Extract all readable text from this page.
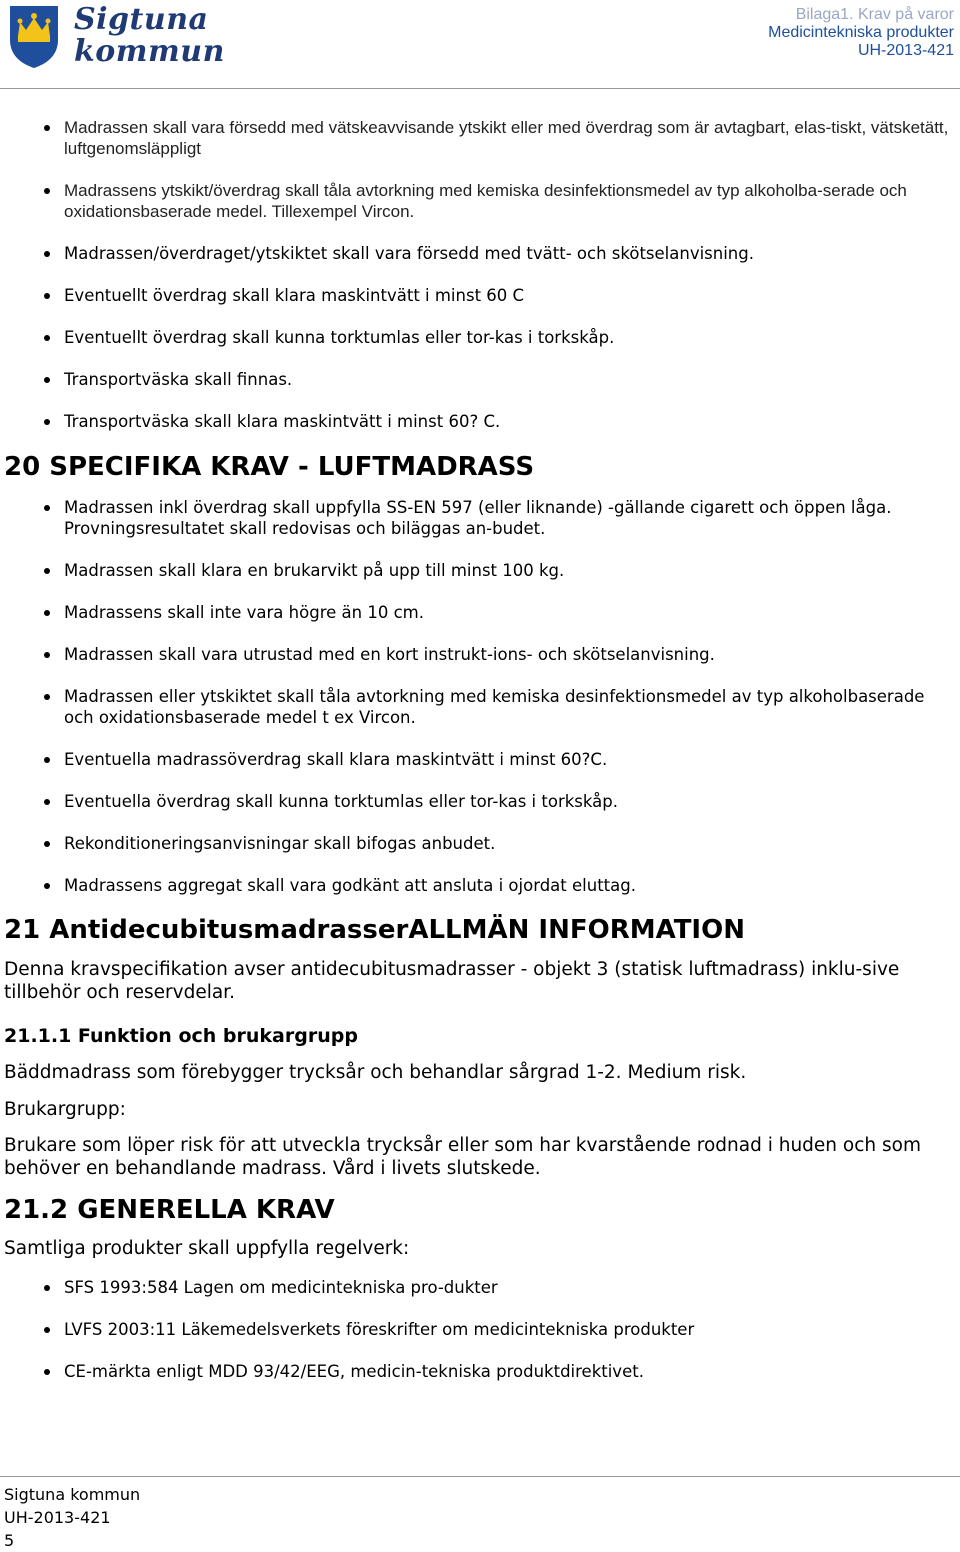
Sigtuna
kommun
Bilaga1. Krav på varor
Medicintekniska produkter
UH-2013-421
Madrassen skall vara försedd med vätskeavvisande ytskikt eller med överdrag som är avtagbart, elas-tiskt, vätsketätt, luftgenomsläppligt
Madrassens ytskikt/överdrag skall tåla avtorkning med kemiska desinfektionsmedel av typ alkoholba-serade och oxidationsbaserade medel. Tillexempel Vircon.
Madrassen/överdraget/ytskiktet skall vara försedd med tvätt- och skötselanvisning.
Eventuellt överdrag skall klara maskintvätt i minst 60 C
Eventuellt överdrag skall kunna torktumlas eller tor-kas i torkskåp.
Transportväska skall finnas.
Transportväska skall klara maskintvätt i minst 60? C.
20 SPECIFIKA KRAV - LUFTMADRASS
Madrassen inkl överdrag skall uppfylla SS-EN 597 (eller liknande) -gällande cigarett och öppen låga. Provningsresultatet skall redovisas och biläggas an-budet.
Madrassen skall klara en brukarvikt på upp till minst 100 kg.
Madrassens skall inte vara högre än 10 cm.
Madrassen skall vara utrustad med en kort instrukt-ions- och skötselanvisning.
Madrassen eller ytskiktet skall tåla avtorkning med kemiska desinfektionsmedel av typ alkoholbaserade och oxidationsbaserade medel t ex Vircon.
Eventuella madrassöverdrag skall klara maskintvätt i minst 60?C.
Eventuella överdrag skall kunna torktumlas eller tor-kas i torkskåp.
Rekonditioneringsanvisningar skall bifogas anbudet.
Madrassens aggregat skall vara godkänt att ansluta i ojordat eluttag.
21 AntidecubitusmadrasserALLMÄN INFORMATION
Denna kravspecifikation avser antidecubitusmadrasser - objekt 3 (statisk luftmadrass) inklu-sive tillbehör och reservdelar.
21.1.1 Funktion och brukargrupp
Bäddmadrass som förebygger trycksår och behandlar sårgrad 1-2. Medium risk.
Brukargrupp:
Brukare som löper risk för att utveckla trycksår eller som har kvarstående rodnad i huden och som behöver en behandlande madrass. Vård i livets slutskede.
21.2 GENERELLA KRAV
Samtliga produkter skall uppfylla regelverk:
SFS 1993:584 Lagen om medicintekniska pro-dukter
LVFS 2003:11 Läkemedelsverkets föreskrifter om medicintekniska produkter
CE-märkta enligt MDD 93/42/EEG, medicin-tekniska produktdirektivet.
Sigtuna kommun
UH-2013-421
5
